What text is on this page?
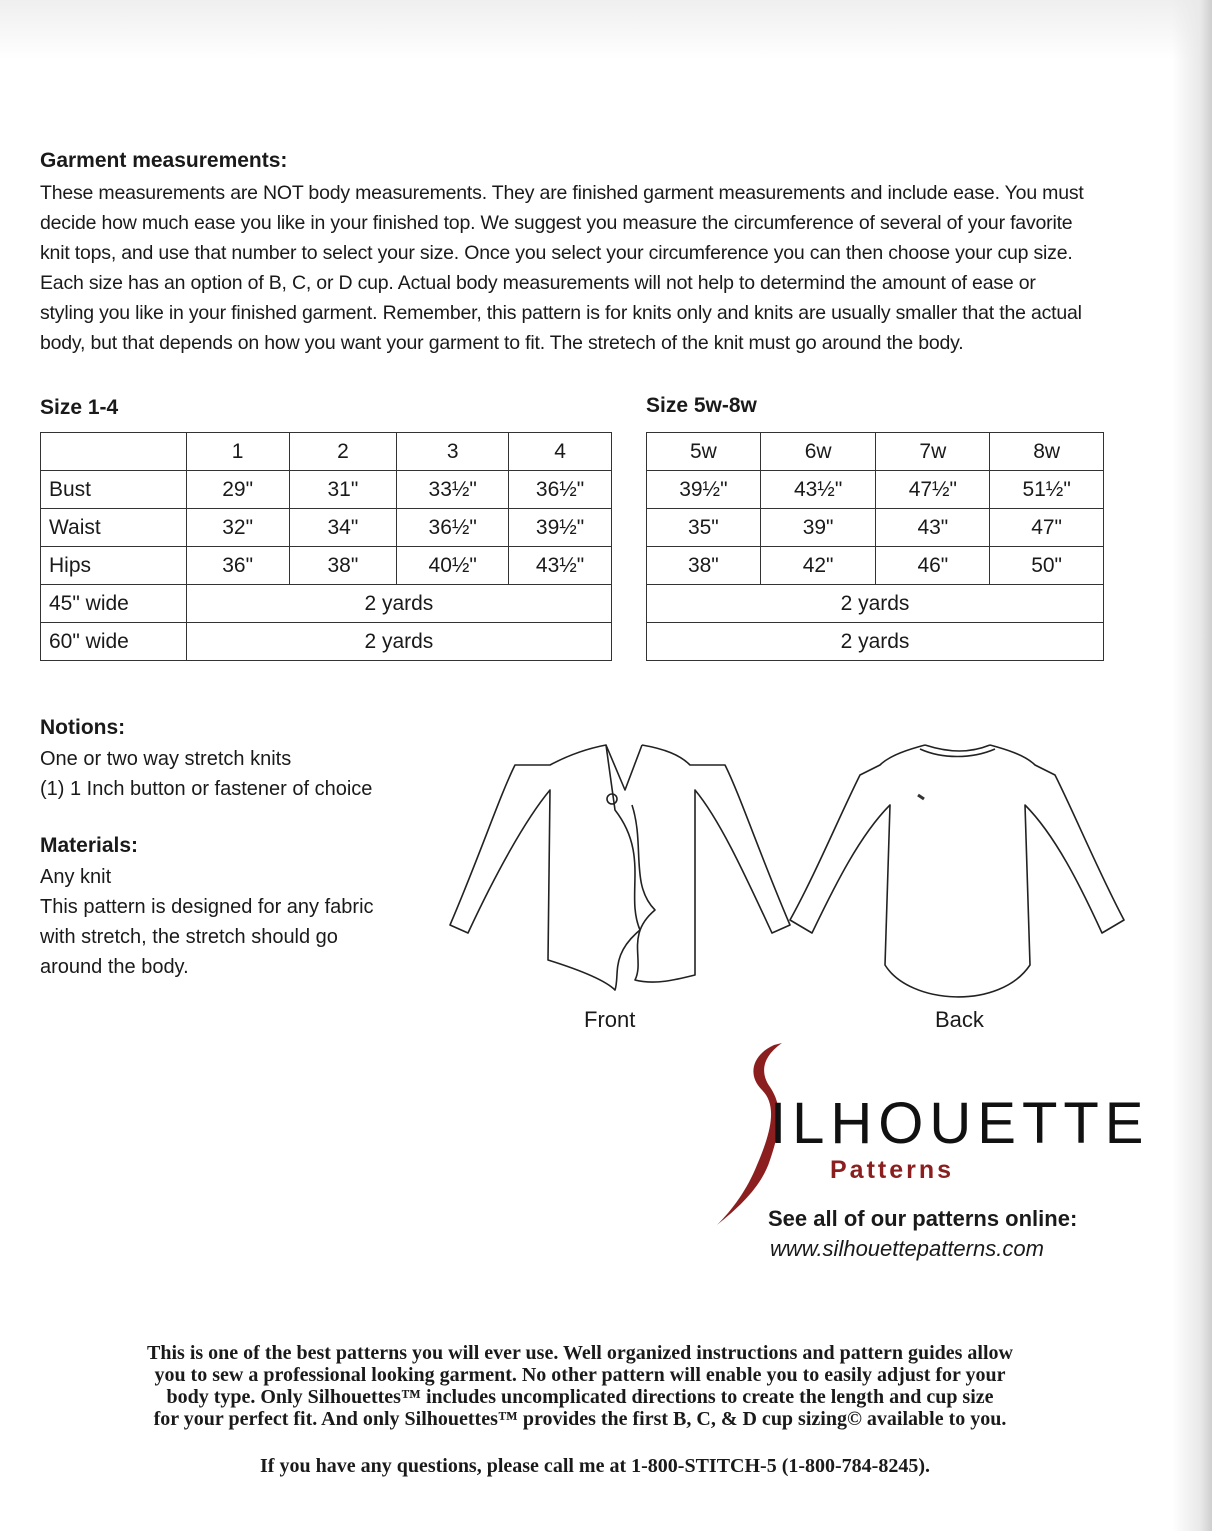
Garment measurements:

These measurements are NOT body measurements. They are finished garment measurements and include ease. You must

decide how much ease you like in your finished top. We suggest you measure the circumference of several of your favorite

knit tops, and use that number to select your size. Once you select your circumference you can then choose your cup size.

Each size has an option of B, C, or D cup. Actual body measurements will not help to determind the amount of ease or

styling you like in your finished garment. Remember, this pattern is for knits only and knits are usually smaller that the actual

body, but that depends on how you want your garment to fit. The stretech of the knit must go around the body.

Size 1-4
	1	2	3	4
Bust	29"	31"	33½"	36½"
Waist	32"	34"	36½"	39½"
Hips	36"	38"	40½"	43½"
45" wide	2 yards			
60" wide	2 yards			
Size 5w-8w
5w	6w	7w	8w
39½"	43½"	47½"	51½"
35"	39"	43"	47"
38"	42"	46"	50"
2 yards			
2 yards			
Notions:

One or two way stretch knits

(1) 1 Inch button or fastener of choice

Materials:

Any knit

This pattern is designed for any fabric

with stretch, the stretch should go

around the body.

Front	Back
ILHOUETTE
Patterns
See all of our patterns online:
www.silhouettepatterns.com

This is one of the best patterns you will ever use. Well organized instructions and pattern guides allow

you to sew a professional looking garment. No other pattern will enable you to easily adjust for your

body type. Only Silhouettes™ includes uncomplicated directions to create the length and cup size

for your perfect fit. And only Silhouettes™ provides the first B, C, & D cup sizing© available to you.

If you have any questions, please call me at 1-800-STITCH-5 (1-800-784-8245).
